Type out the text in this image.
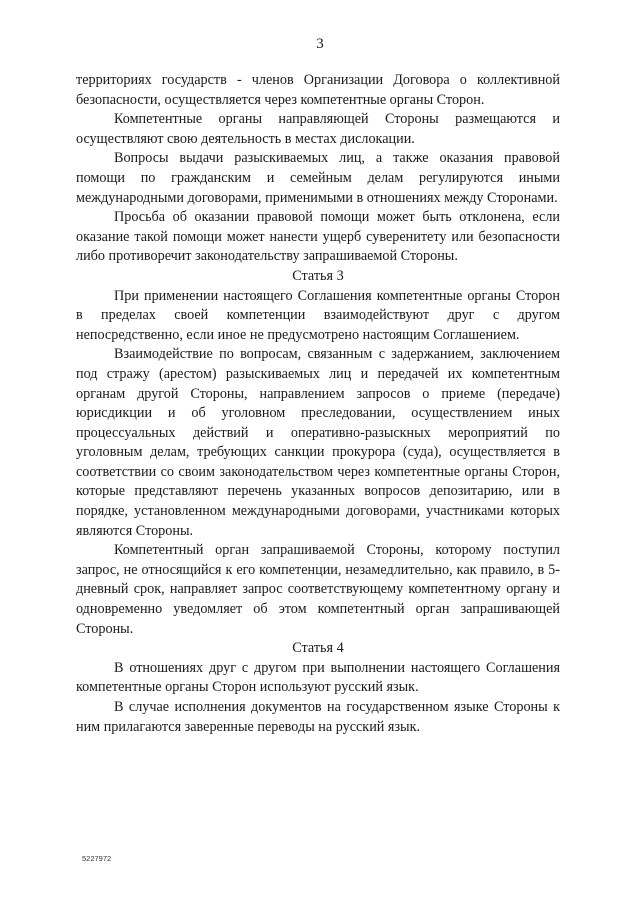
3

территориях государств - членов Организации Договора о коллективной безопасности, осуществляется через компетентные органы Сторон.

Компетентные органы направляющей Стороны размещаются и осуществляют свою деятельность в местах дислокации.

Вопросы выдачи разыскиваемых лиц, а также оказания правовой помощи по гражданским и семейным делам регулируются иными международными договорами, применимыми в отношениях между Сторонами.

Просьба об оказании правовой помощи может быть отклонена, если оказание такой помощи может нанести ущерб суверенитету или безопасности либо противоречит законодательству запрашиваемой Стороны.

Статья 3

При применении настоящего Соглашения компетентные органы Сторон в пределах своей компетенции взаимодействуют друг с другом непосредственно, если иное не предусмотрено настоящим Соглашением.

Взаимодействие по вопросам, связанным с задержанием, заключением под стражу (арестом) разыскиваемых лиц и передачей их компетентным органам другой Стороны, направлением запросов о приеме (передаче) юрисдикции и об уголовном преследовании, осуществлением иных процессуальных действий и оперативно-разыскных мероприятий по уголовным делам, требующих санкции прокурора (суда), осуществляется в соответствии со своим законодательством через компетентные органы Сторон, которые представляют перечень указанных вопросов депозитарию, или в порядке, установленном международными договорами, участниками которых являются Стороны.

Компетентный орган запрашиваемой Стороны, которому поступил запрос, не относящийся к его компетенции, незамедлительно, как правило, в 5-дневный срок, направляет запрос соответствующему компетентному органу и одновременно уведомляет об этом компетентный орган запрашивающей Стороны.

Статья 4

В отношениях друг с другом при выполнении настоящего Соглашения компетентные органы Сторон используют русский язык.

В случае исполнения документов на государственном языке Стороны к ним прилагаются заверенные переводы на русский язык.

5227972
